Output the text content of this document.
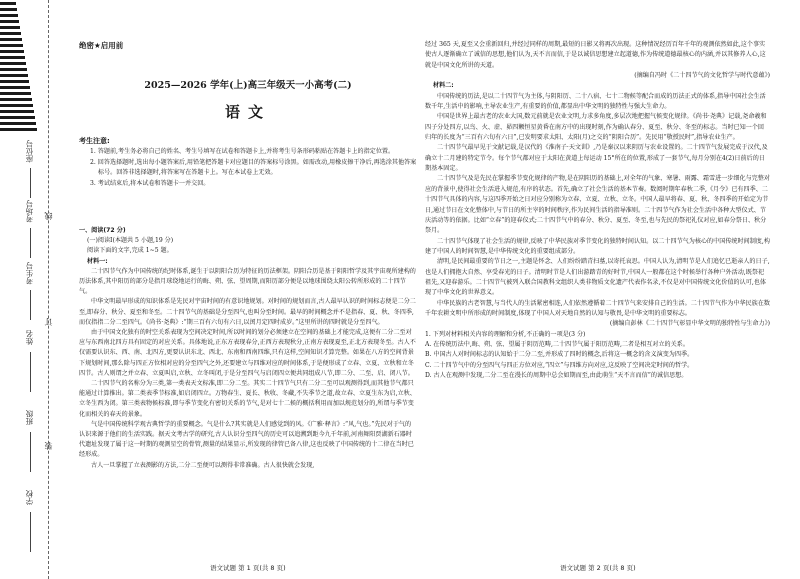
座位号
考场号
考生号
姓名
班级
学校
线
订
装
绝密★启用前
2025—2026 学年(上)高三年级天一小高考(二)
语文
考生注意:

1. 答题前,考生务必将自己的姓名、考生号填写在试卷和答题卡上,并将考生号条形码粘贴在答题卡上的指定位置。

2. 回答选择题时,选出每小题答案后,用铅笔把答题卡对应题目的答案标号涂黑。如需改动,用橡皮擦干净后,再选涂其他答案标号。回答非选择题时,将答案写在答题卡上。写在本试卷上无效。

3. 考试结束后,将本试卷和答题卡一并交回。

一、阅读(72 分)

(一)阅读Ⅰ(本题共 5 小题,19 分)

阅读下面的文字,完成 1~5 题。

材料一:

二十四节气作为中国传统的纪时体系,诞生于以阴阳合历为特征的历法框架。阴阳合历是基于阴阳哲学及其宇宙观所建构的历法体系,其中阳历的部分是指月球绕地运行的晦、朔、弦、望周期,而阳历部分便是以地球围绕太阳公转所形成的二十四节气。

中华文明最早形成的知识体系是先民对宇宙时间的有意识地规划。对时间的规划而言,古人最早认识的时间标志便是二分二至,即春分、秋分、夏至和冬至。二十四节气的基础是分至四气,也叫分至时间。最早的时间概念并不是指春、夏、秋、冬四季,而仅指指二分二至四气。《尚书·尧典》:“期三百有六旬有六日,以闰月定四时成岁。”这里所讲的四时就是分至四气。

由于中国文化独有的时空关系表现为空间决定时间,所以时间的划分必须建立在空间的基础上才能完成,这便有二分二至对应与东西南北四方具有固定的对应关系。具体地说,正东方表现春分,正西方表现秋分,正南方表现夏至,正北方表现冬至。古人不仅需要认识东、西、南、北四方,更要认识东北、西北、东南和西南四维,只有这样,空间知识才算完整。如果在八方的空间背景下规划时间,那么除与四正方位相对应的分至四气之外,还要建立与四维对应的时间体系,于是便形成了立春、立夏、立秋和立冬四节。古人则谓之并立春、立夏叫启,立秋、立冬叫闭,于是分至四气与启闭四立便共同组成八节,即二分、二至、启、闭八节。

二十四节气的名称分为三类,第一类表天文标准,即二分二至。其实二十四节气只有二分二至可以观测得到,而其他节气都只能通过计算推出。第二类表季节标准,如启闭四立。万物春生、夏长、秋收、冬藏,不失季节之道,故立春、立夏生东为启,立秋、立冬生西为闭。第三类表物候标准,即与季节变化有密切关系的节气,是对七十二候的概括利用而加以规范划分的,所谓与季节变化而相关的春天的景象。

气是中国传统科学观古典哲学的重要概念。气是什么?其实就是人们感觉到的风。《广雅·释言》:“风,气也。”先民对于气的认识来源于他们的生活实践。据天文考古学的研究,古人认识分至四气的历史可以追溯到距今九千年前,河南舞阳贾湖新石器时代遗址发现了属于这一时期的观测星空的骨管,测量的结果显示,所发现的律管已备八律,这也反映了中国传统的十二律在当时已经形成。

古人一旦掌握了立表测影的方法,二分二至便可以测得非常准确。古人很快就会发现,

经过 365 天,夏至又会重新回归,并经过同样的周期,最短的日影又将再次出现。这种情况经历百年千年的观测依然如此,这个事实使古人逐渐确立了诚信的思想,他们认为,天不言而信,于是以诚信思想建立起道德,作为传统道德最核心的内涵,并以其修养人心,这就是中国文化所讲的天道。

(摘编自冯时《二十四节气的文化哲学与时代意蕴》)

材料二:

中国传统的历法,是以二十四节气为主体,与阴阳历、二十八宿、七十二物候等配合而成的历法正式的体系,指导中国社会生活数千年,生活中的影响,主导农业生产,有重要的价值,都显出中华文明的独特性与强大生命力。

中国是世界上最古老的农业大国,数元前就是农业文明,力求多角度,多层次地把握气候变化规律。《尚书·尧典》记载,尧命羲和四子分处四方,以鸟、火、虚、昴四颗恒星黄昏在南方中的出现时刻,作为确认春分、夏至、秋分、冬至的标志。当时已知一个回归年的长度为“三百有六旬有六日”,已发明要求太阳、太阳(月)之交的“阴阳合历”。先民用“敬授民时”,指导农业生产。

二十四节气最早见于文献记载,是汉代的《淮南子·天文训》,乃是秦汉以来阴历与农业设置的。二十四节气发展完成于汉代,及确立十二月建的特定节令。每个节气都对应于太阳在黄道上每运动 15°所在的位置,形成了一套节气,每月分别在4(2)日前后的日期基本固定。

二十四节气及是先民在掌握季节变化规律的产物,是在阴阳历的基础上,对全年的气象、寒暑、雨露、霜雪进一步细化与完整对应的背景中,使得社会生活进入规范,有序的状态。首先,确立了社会生活的基本节奏。数阅时期年春秋二季,《月令》已有四季、二十四节气具体的内容,与这四季开始之日对应分别称为立春、立夏、立秋、立冬。中国人最早将春、夏、秋、冬四季的开始定为节日,通过节日在文化整体中,与节日的所主宰的时间秩序,作为民间生活的指导准则。二十四节气作为社会生活中各种大型仪式、节庆活动等的依据。比如“立春”的迎春仪式;二十四节气中的春分、秋分、夏至、冬至,也与先民的祭祀礼仪对应,如春分祭日、秋分祭月。

二十四节气体现了社会生活的规律,反映了中华民族对季节变化的独特时间认知。以二十四节气为核心的中国传统时间制度,构建了中国人的时间智慧,是中华传统文化的重要组成部分。

清明,是民间最重要的节日之一,主题是怀念、人们纷纷踏青扫墓,以寄托哀思。中国人认为,清明节是人们追忆已逝亲人的日子,也是人们拥抱大自然、享受春光的日子。清明时节是人们出游踏青的好时节,中国人一般都在这个时候举行各种户外活动,既祭祀祖先,又迎春游乐。二十四节气被列入联合国教科文组织人类非物质文化遗产代表作名录,不仅是对中国传统文化价值的认可,也体现了中华文化的世界意义。

中华民族的古老智慧,与当代人的生活紧密相连,人们依然遵循着二十四节气来安排自己的生活。二十四节气作为中华民族在数千年农耕文明中所形成的时间制度,体现了中国人对天地自然的认知与敬畏,是中华文明的重要标志。

(摘编自彭林《二十四节气彰显中华文明的独特性与生命力》)

1. 下列对材料相关内容的理解和分析,不正确的一项是(3 分)

A. 在传统历法中,晦、朔、弦、望属于阴历范畴,二十四节气属于阳历范畴,二者是相互对立的关系。

B. 中国古人对时间标志的认知始于二分二至,并形成了四时的概念,后将这一概念的含义演变为四季。

C. 二十四节气中的分至四气与四正方位对应,“四立”与四维方向对应,这反映了空间决定时间的哲学。

D. 古人在观测中发现,二分二至在漫长的周期中总会如期而至,由此萌生“天不言而信”的诚信思想。

语文试题 第 1 页(共 8 页)	语文试题 第 2 页(共 8 页)
